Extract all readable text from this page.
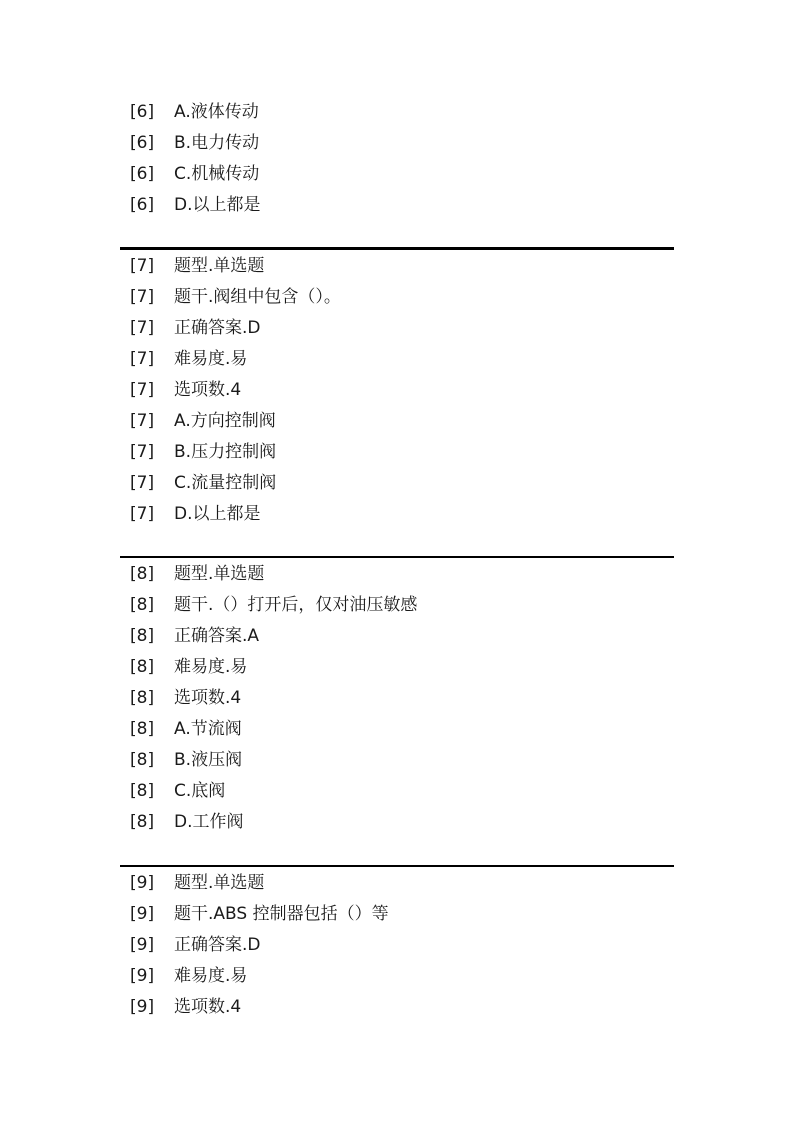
[6] A.液体传动
[6] B.电力传动
[6] C.机械传动
[6] D.以上都是
[7] 题型.单选题
[7] 题干.阀组中包含（）。
[7] 正确答案.D
[7] 难易度.易
[7] 选项数.4
[7] A.方向控制阀
[7] B.压力控制阀
[7] C.流量控制阀
[7] D.以上都是
[8] 题型.单选题
[8] 题干.（）打开后，仅对油压敏感
[8] 正确答案.A
[8] 难易度.易
[8] 选项数.4
[8] A.节流阀
[8] B.液压阀
[8] C.底阀
[8] D.工作阀
[9] 题型.单选题
[9] 题干.ABS 控制器包括（）等
[9] 正确答案.D
[9] 难易度.易
[9] 选项数.4
